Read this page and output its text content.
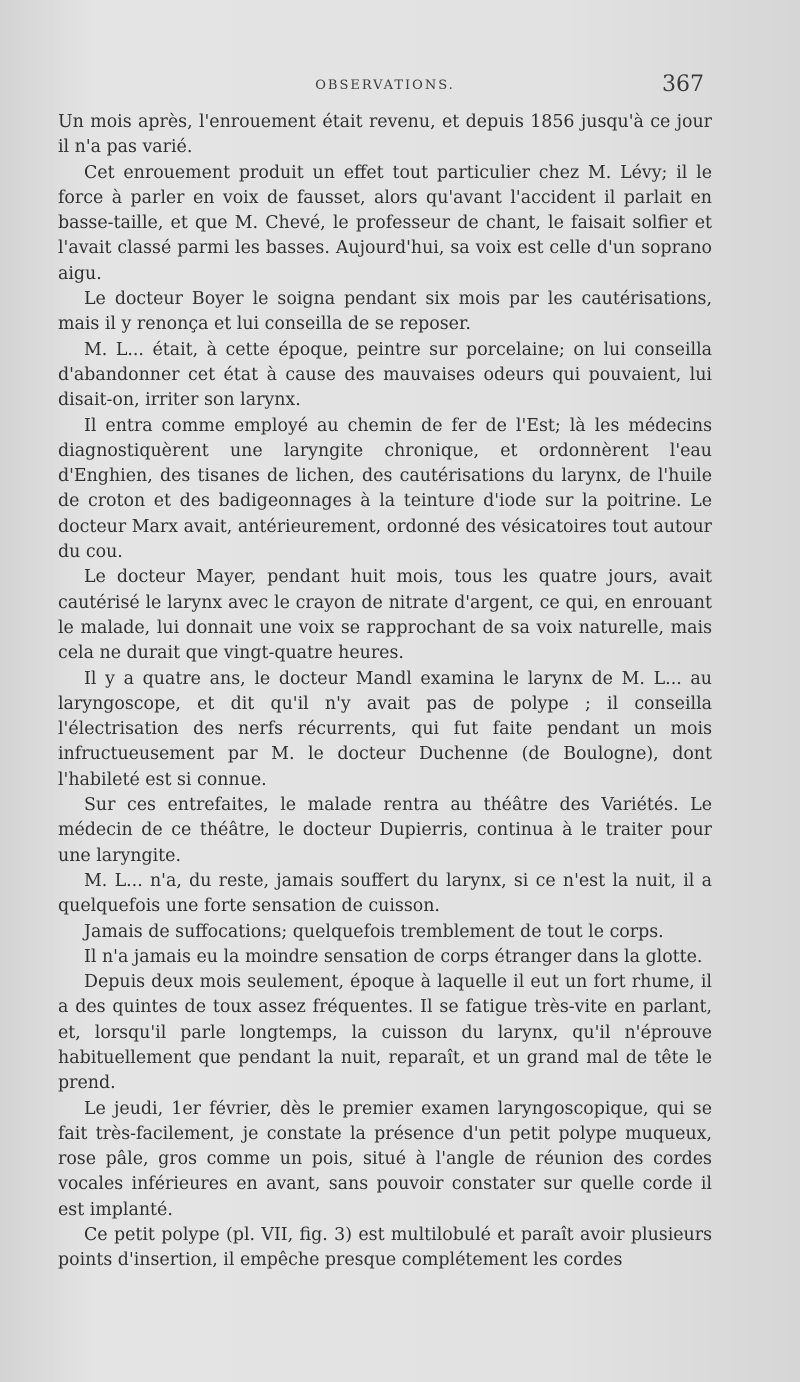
OBSERVATIONS.	367

Un mois après, l'enrouement était revenu, et depuis 1856 jusqu'à ce jour il n'a pas varié.

Cet enrouement produit un effet tout particulier chez M. Lévy; il le force à parler en voix de fausset, alors qu'avant l'accident il parlait en basse-taille, et que M. Chevé, le professeur de chant, le faisait solfier et l'avait classé parmi les basses. Aujourd'hui, sa voix est celle d'un soprano aigu.

Le docteur Boyer le soigna pendant six mois par les cautérisations, mais il y renonça et lui conseilla de se reposer.

M. L... était, à cette époque, peintre sur porcelaine; on lui conseilla d'abandonner cet état à cause des mauvaises odeurs qui pouvaient, lui disait-on, irriter son larynx.

Il entra comme employé au chemin de fer de l'Est; là les médecins diagnostiquèrent une laryngite chronique, et ordonnèrent l'eau d'Enghien, des tisanes de lichen, des cautérisations du larynx, de l'huile de croton et des badigeonnages à la teinture d'iode sur la poitrine. Le docteur Marx avait, antérieurement, ordonné des vésicatoires tout autour du cou.

Le docteur Mayer, pendant huit mois, tous les quatre jours, avait cautérisé le larynx avec le crayon de nitrate d'argent, ce qui, en enrouant le malade, lui donnait une voix se rapprochant de sa voix naturelle, mais cela ne durait que vingt-quatre heures.

Il y a quatre ans, le docteur Mandl examina le larynx de M. L... au laryngoscope, et dit qu'il n'y avait pas de polype ; il conseilla l'électrisation des nerfs récurrents, qui fut faite pendant un mois infructueusement par M. le docteur Duchenne (de Boulogne), dont l'habileté est si connue.

Sur ces entrefaites, le malade rentra au théâtre des Variétés. Le médecin de ce théâtre, le docteur Dupierris, continua à le traiter pour une laryngite.

M. L... n'a, du reste, jamais souffert du larynx, si ce n'est la nuit, il a quelquefois une forte sensation de cuisson.

Jamais de suffocations; quelquefois tremblement de tout le corps.

Il n'a jamais eu la moindre sensation de corps étranger dans la glotte.

Depuis deux mois seulement, époque à laquelle il eut un fort rhume, il a des quintes de toux assez fréquentes. Il se fatigue très-vite en parlant, et, lorsqu'il parle longtemps, la cuisson du larynx, qu'il n'éprouve habituellement que pendant la nuit, reparaît, et un grand mal de tête le prend.

Le jeudi, 1er février, dès le premier examen laryngoscopique, qui se fait très-facilement, je constate la présence d'un petit polype muqueux, rose pâle, gros comme un pois, situé à l'angle de réunion des cordes vocales inférieures en avant, sans pouvoir constater sur quelle corde il est implanté.

Ce petit polype (pl. VII, fig. 3) est multilobulé et paraît avoir plusieurs points d'insertion, il empêche presque complétement les cordes
